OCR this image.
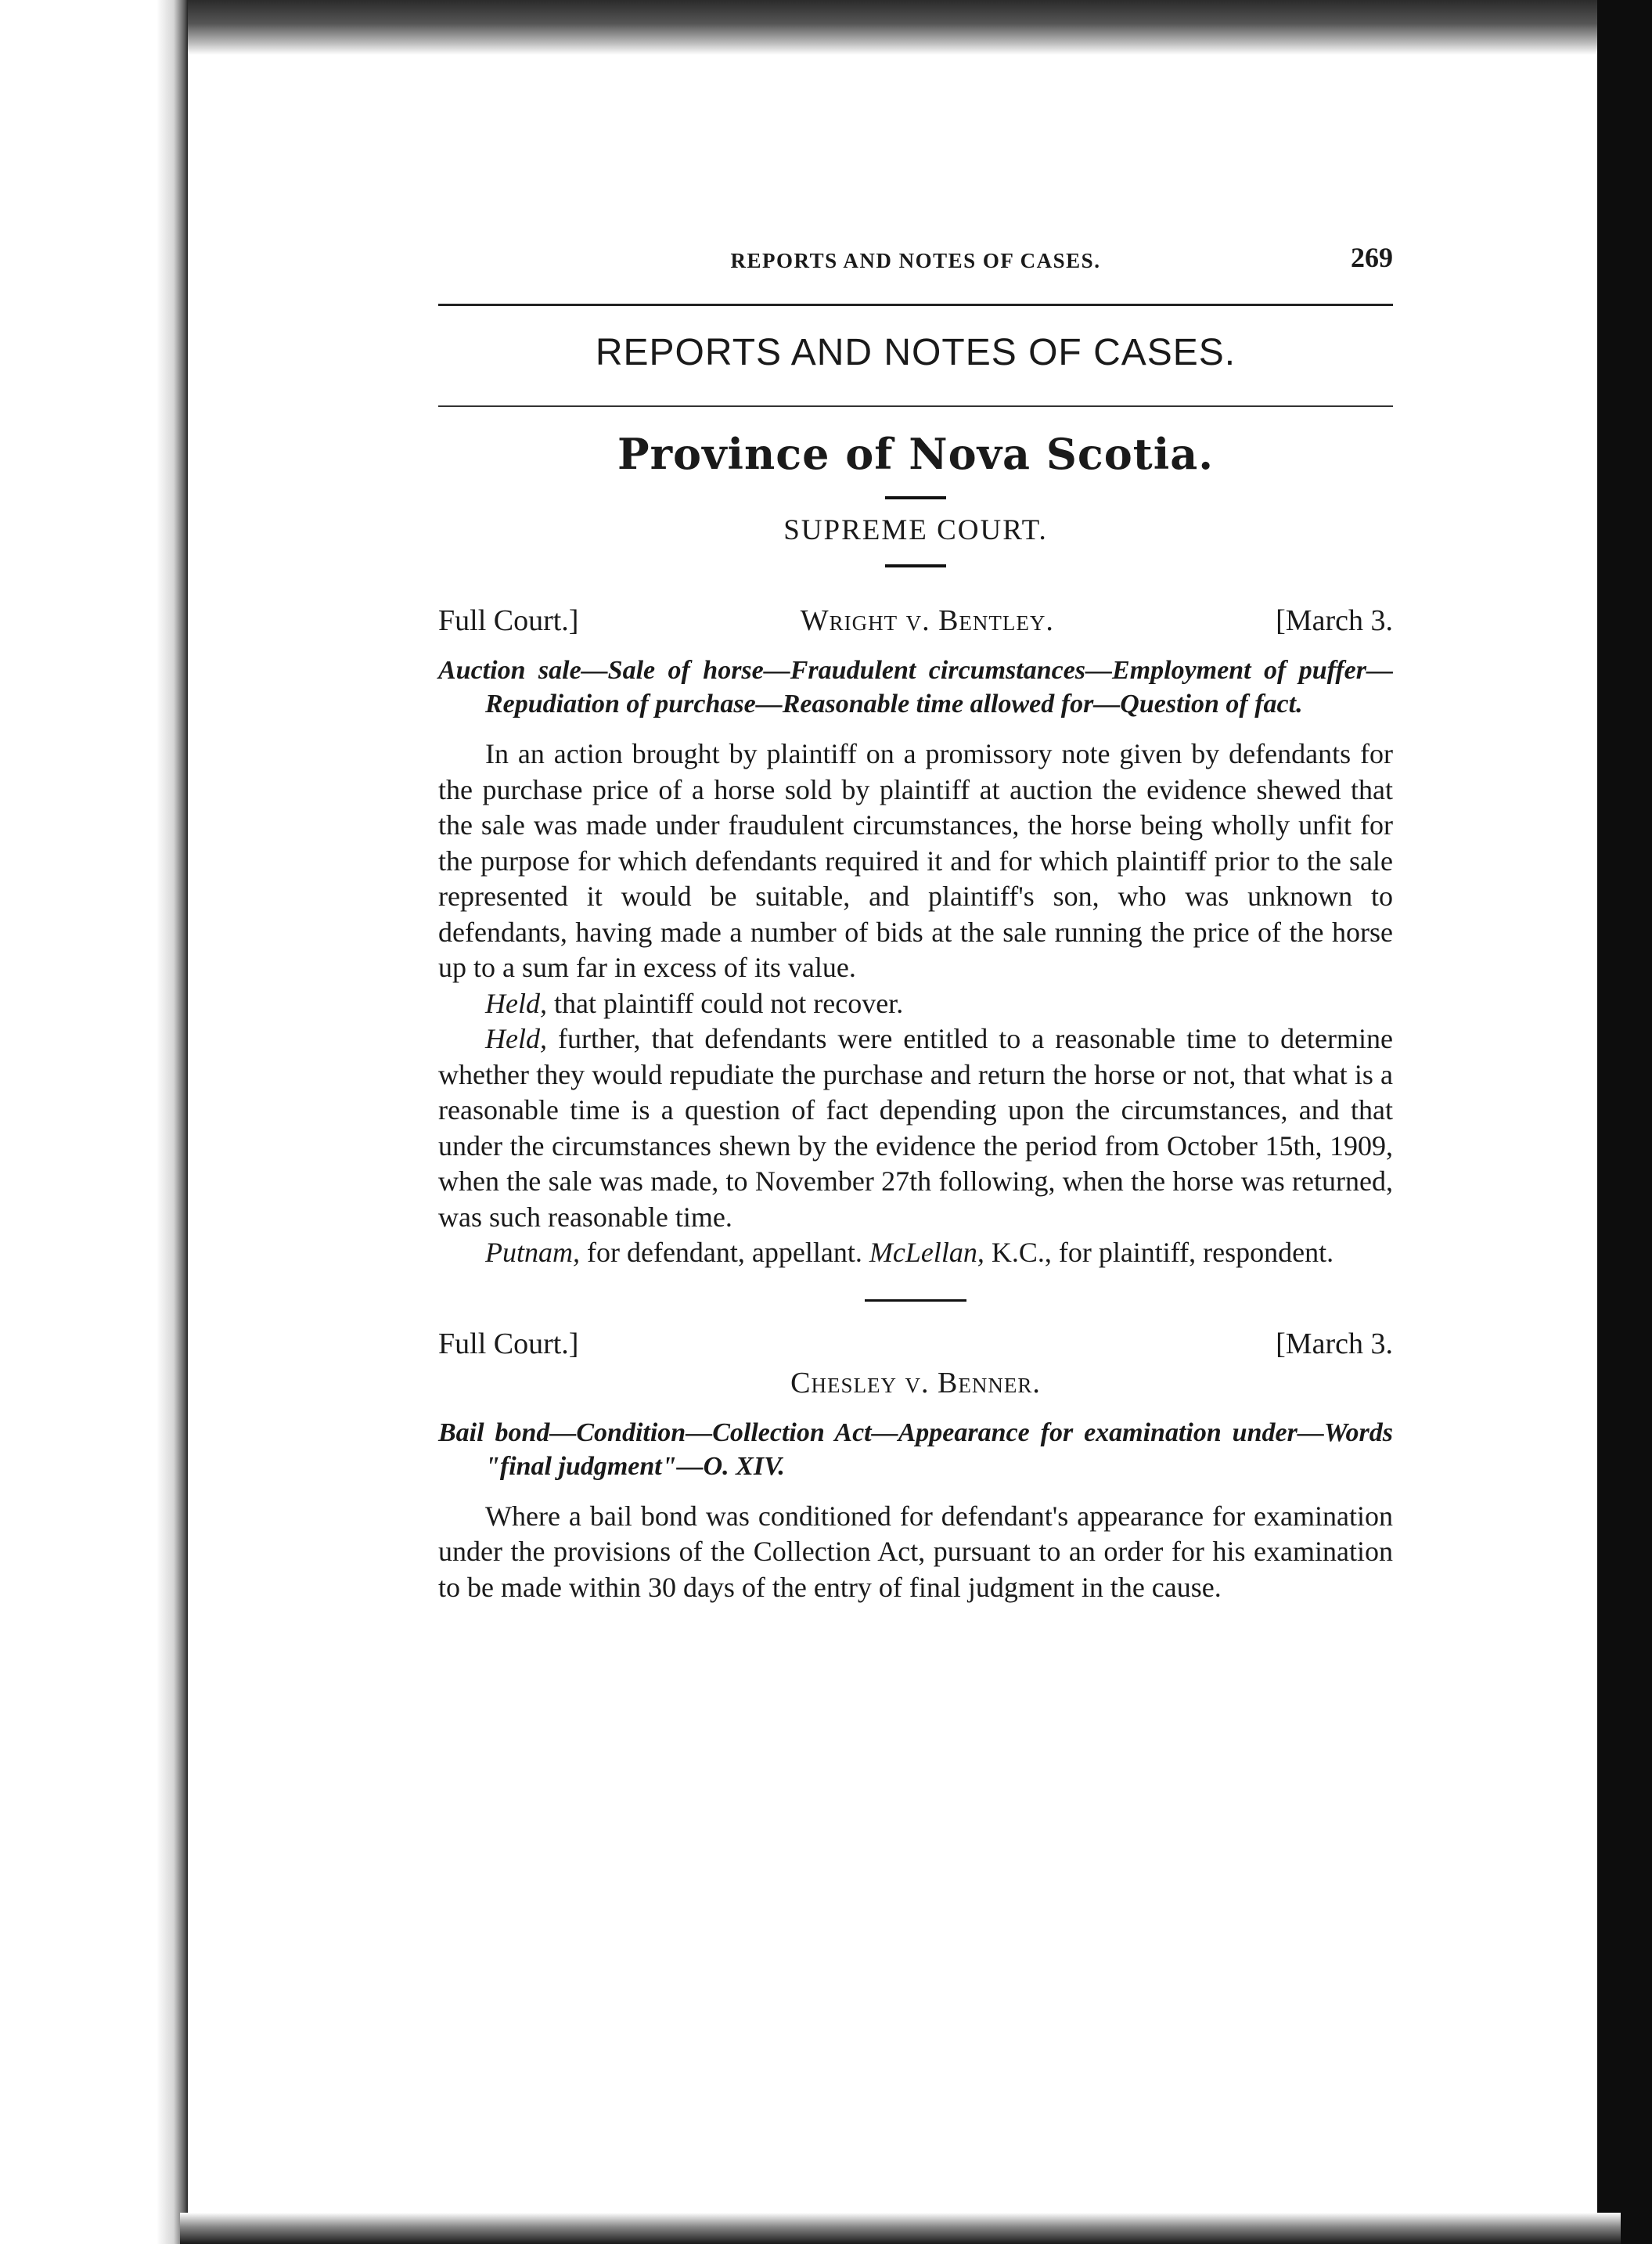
REPORTS AND NOTES OF CASES.	269
REPORTS AND NOTES OF CASES.
Province of Nova Scotia.
SUPREME COURT.
Full Court.]	Wright v. Bentley.	[March 3.
Auction sale—Sale of horse—Fraudulent circumstances—Employment of puffer—Repudiation of purchase—Reasonable time allowed for—Question of fact.

In an action brought by plaintiff on a promissory note given by defendants for the purchase price of a horse sold by plaintiff at auction the evidence shewed that the sale was made under fraudulent circumstances, the horse being wholly unfit for the purpose for which defendants required it and for which plaintiff prior to the sale represented it would be suitable, and plaintiff's son, who was unknown to defendants, having made a number of bids at the sale running the price of the horse up to a sum far in excess of its value.

Held, that plaintiff could not recover.

Held, further, that defendants were entitled to a reasonable time to determine whether they would repudiate the purchase and return the horse or not, that what is a reasonable time is a question of fact depending upon the circumstances, and that under the circumstances shewn by the evidence the period from October 15th, 1909, when the sale was made, to November 27th following, when the horse was returned, was such reasonable time.

Putnam, for defendant, appellant. McLellan, K.C., for plaintiff, respondent.

Full Court.]	[March 3.
Chesley v. Benner.
Bail bond—Condition—Collection Act—Appearance for examination under—Words "final judgment"—O. XIV.

Where a bail bond was conditioned for defendant's appearance for examination under the provisions of the Collection Act, pursuant to an order for his examination to be made within 30 days of the entry of final judgment in the cause.
